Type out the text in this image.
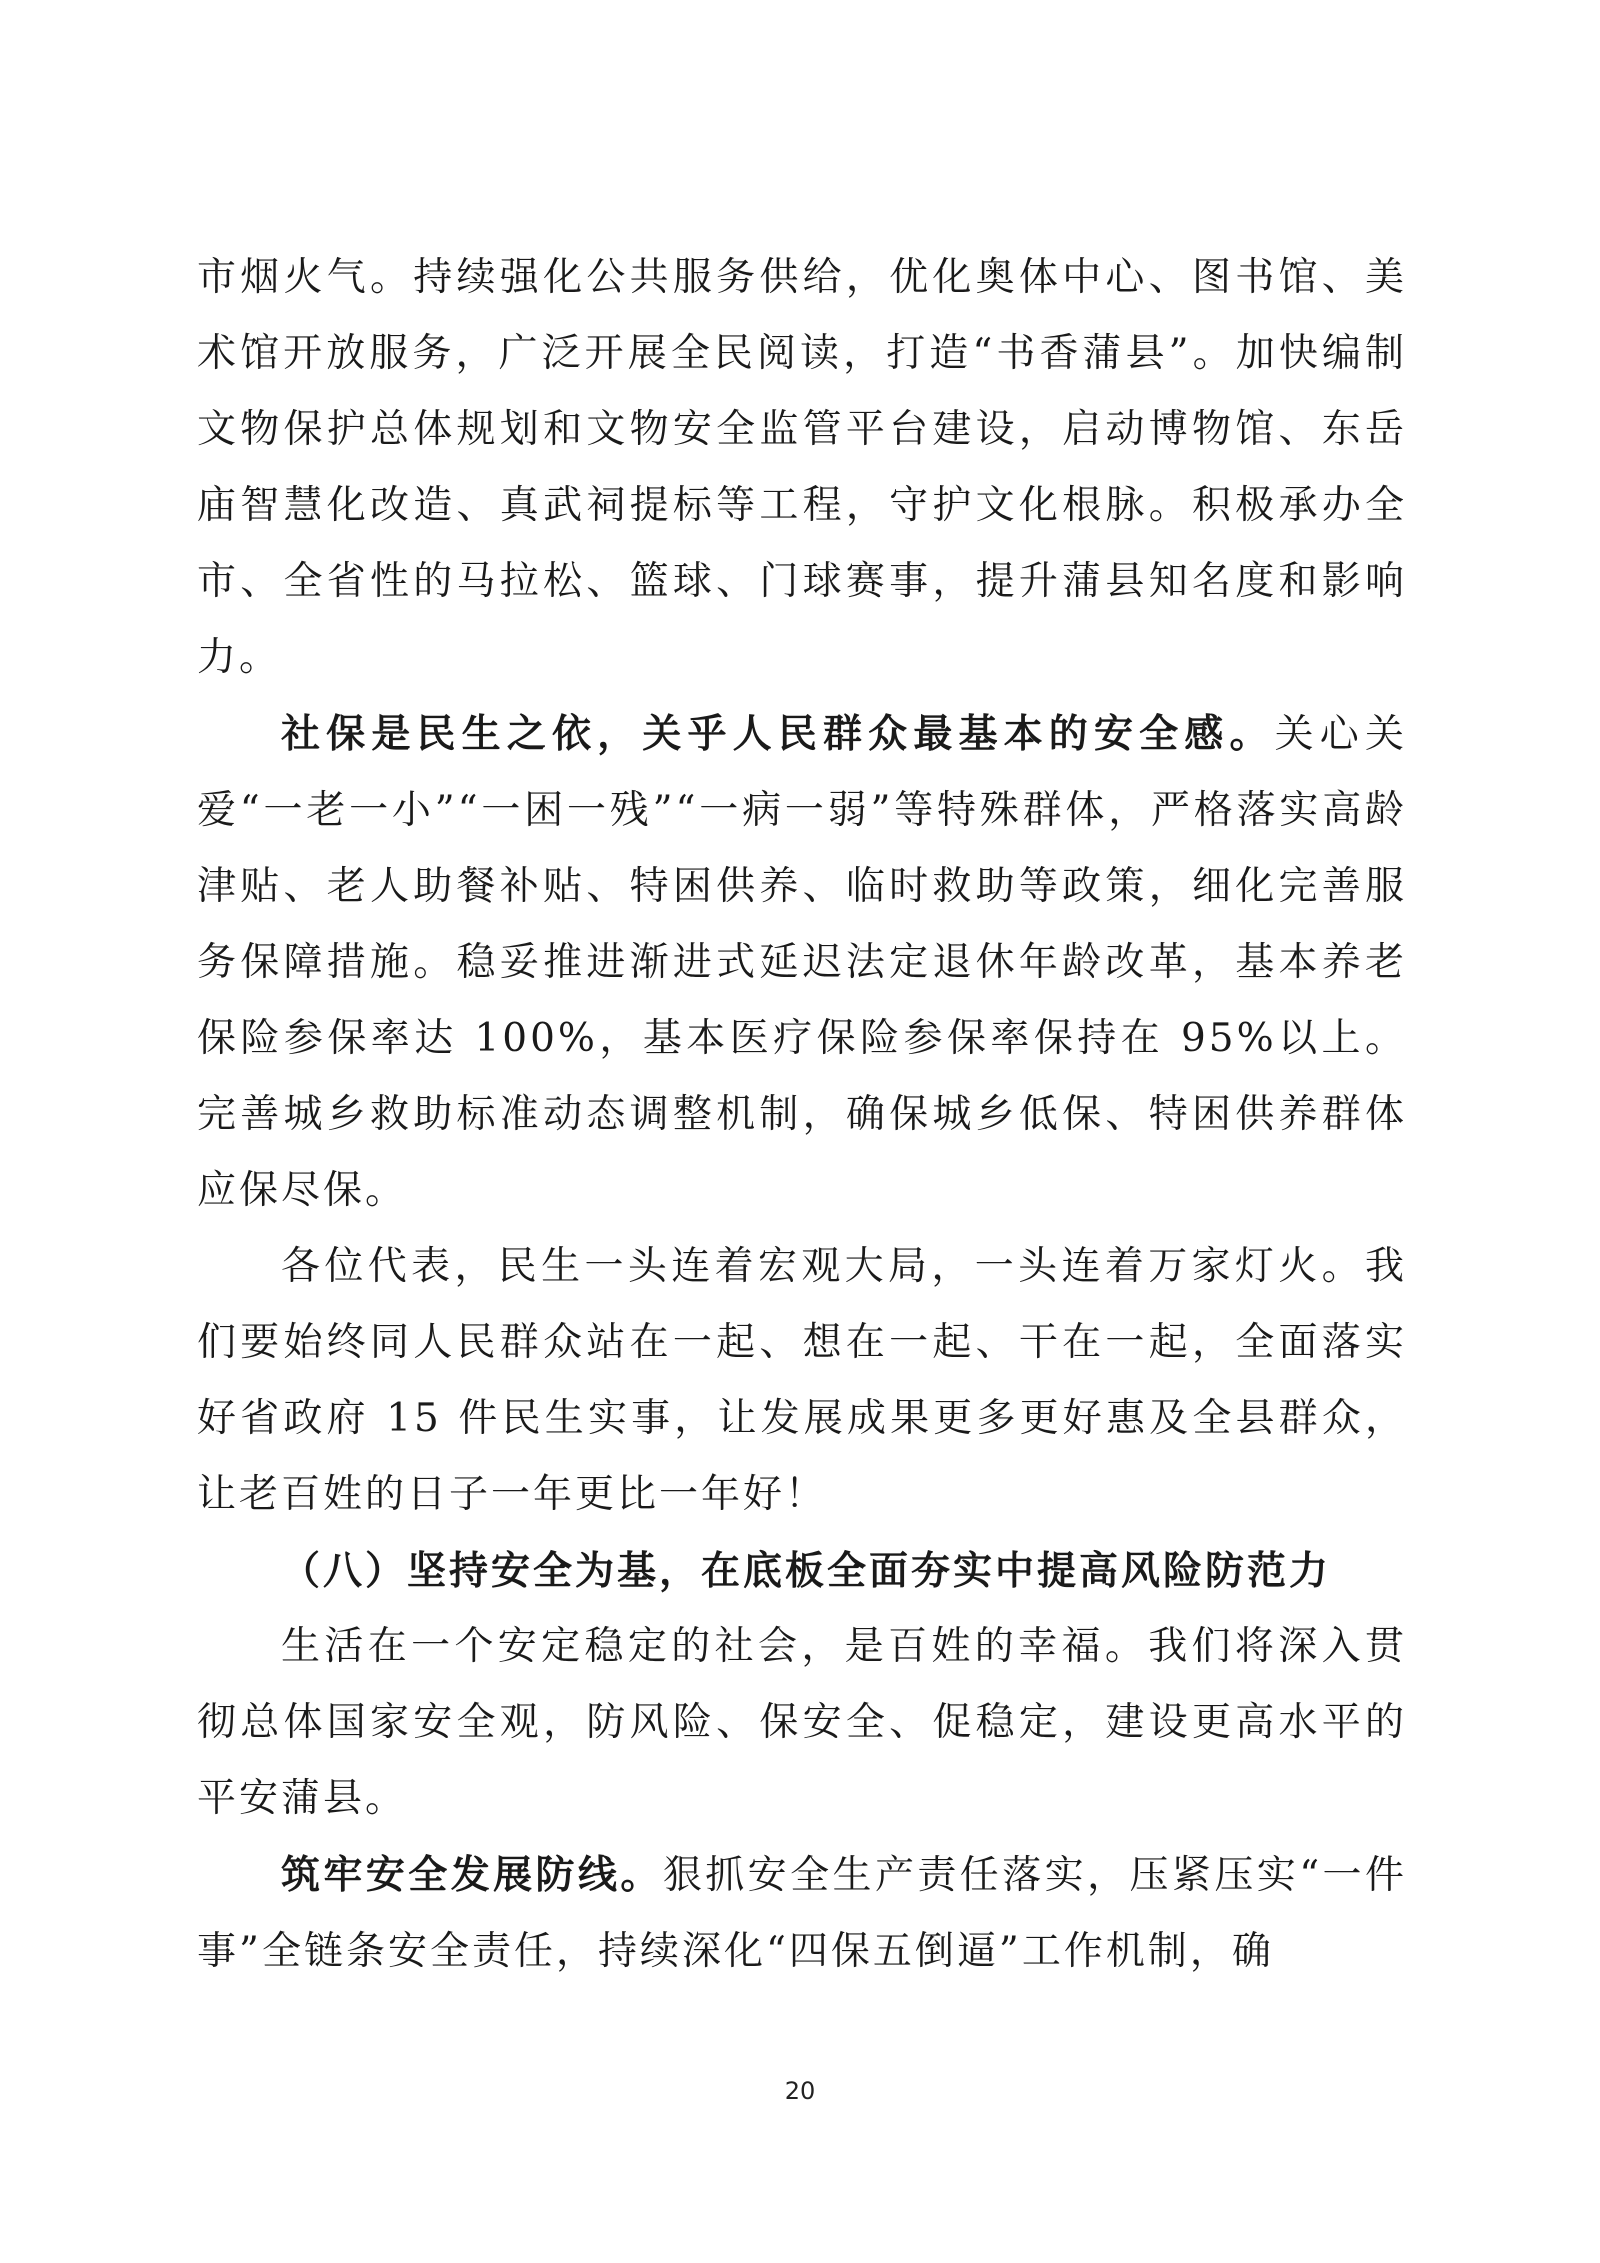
市烟火气。持续强化公共服务供给，优化奥体中心、图书馆、美术馆开放服务，广泛开展全民阅读，打造“书香蒲县”。加快编制文物保护总体规划和文物安全监管平台建设，启动博物馆、东岳庙智慧化改造、真武祠提标等工程，守护文化根脉。积极承办全市、全省性的马拉松、篮球、门球赛事，提升蒲县知名度和影响力。

社保是民生之依，关乎人民群众最基本的安全感。关心关爱“一老一小”“一困一残”“一病一弱”等特殊群体，严格落实高龄津贴、老人助餐补贴、特困供养、临时救助等政策，细化完善服务保障措施。稳妥推进渐进式延迟法定退休年龄改革，基本养老保险参保率达 100%，基本医疗保险参保率保持在 95%以上。完善城乡救助标准动态调整机制，确保城乡低保、特困供养群体应保尽保。

各位代表，民生一头连着宏观大局，一头连着万家灯火。我们要始终同人民群众站在一起、想在一起、干在一起，全面落实好省政府 15 件民生实事，让发展成果更多更好惠及全县群众，让老百姓的日子一年更比一年好！

（八）坚持安全为基，在底板全面夯实中提高风险防范力

生活在一个安定稳定的社会，是百姓的幸福。我们将深入贯彻总体国家安全观，防风险、保安全、促稳定，建设更高水平的平安蒲县。

筑牢安全发展防线。狠抓安全生产责任落实，压紧压实“一件事”全链条安全责任，持续深化“四保五倒逼”工作机制，确

20
